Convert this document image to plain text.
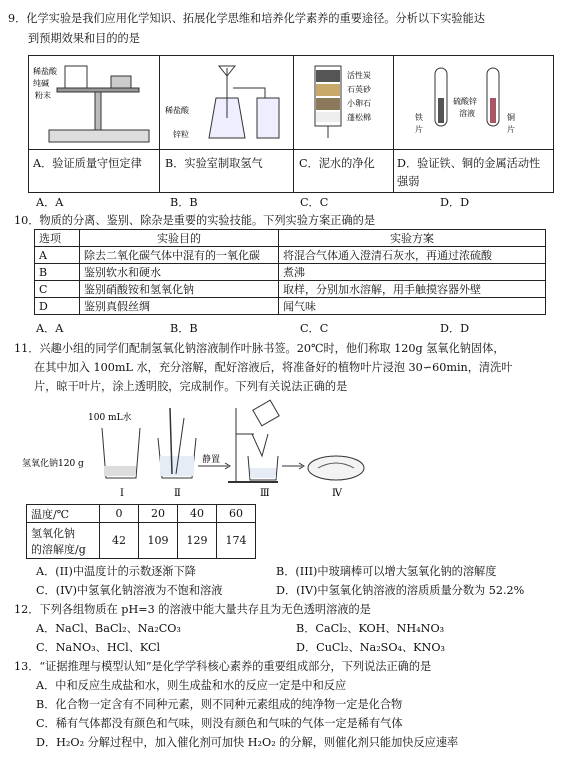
9．化学实验是我们应用化学知识、拓展化学思维和培养化学素养的重要途径。分析以下实验能达
到预期效果和目的的是
稀盐酸
纯碱
粉末
稀盐酸
锌粒
活性炭
石英砂
小卵石
蓬松棉
硫酸锌
溶液
铁
片
铜
片
A．验证质量守恒定律 B．实验室制取氢气	C．泥水的净化 D．验证铁、铜的金属活动性
强弱
A．A	B．B	C．C	D．D
10．物质的分离、鉴别、除杂是重要的实验技能。下列实验方案正确的是
选项	实验目的	实验方案
A	除去二氧化碳气体中混有的一氧化碳	将混合气体通入澄清石灰水，再通过浓硫酸
B	鉴别软水和硬水	煮沸
C	鉴别硝酸铵和氢氧化钠	取样，分别加水溶解，用手触摸容器外壁
D	鉴别真假丝绸	闻气味
A．A	B．B	C．C	D．D
11．兴趣小组的同学们配制氢氧化钠溶液制作叶脉书签。20℃时，他们称取 120g 氢氧化钠固体，
在其中加入 100mL 水，充分溶解，配好溶液后，将准备好的植物叶片浸泡 30∽60min，清洗叶
片，晾干叶片，涂上透明胶，完成制作。下列有关说法正确的是
100 mL水
氢氧化钠120 g	静置
Ⅰ	Ⅱ	Ⅲ	Ⅳ
温度/℃	0	20	40	60

氢氧化钠
的溶解度/g	42	109	129	174
A．(II)中温度计的示数逐渐下降	B．(III)中玻璃棒可以增大氢氧化钠的溶解度
C．(IV)中氢氧化钠溶液为不饱和溶液	D．(IV)中氢氧化钠溶液的溶质质量分数为 52.2%
12．下列各组物质在 pH=3 的溶液中能大量共存且为无色透明溶液的是
A．NaCl、BaCl₂、Na₂CO₃	B．CaCl₂、KOH、NH₄NO₃
C．NaNO₃、HCl、KCl	D．CuCl₂、Na₂SO₄、KNO₃
13．“证据推理与模型认知”是化学学科核心素养的重要组成部分，下列说法正确的是
A．中和反应生成盐和水，则生成盐和水的反应一定是中和反应
B．化合物一定含有不同种元素，则不同种元素组成的纯净物一定是化合物
C．稀有气体都没有颜色和气味，则没有颜色和气味的气体一定是稀有气体
D．H₂O₂ 分解过程中，加入催化剂可加快 H₂O₂ 的分解，则催化剂只能加快反应速率
